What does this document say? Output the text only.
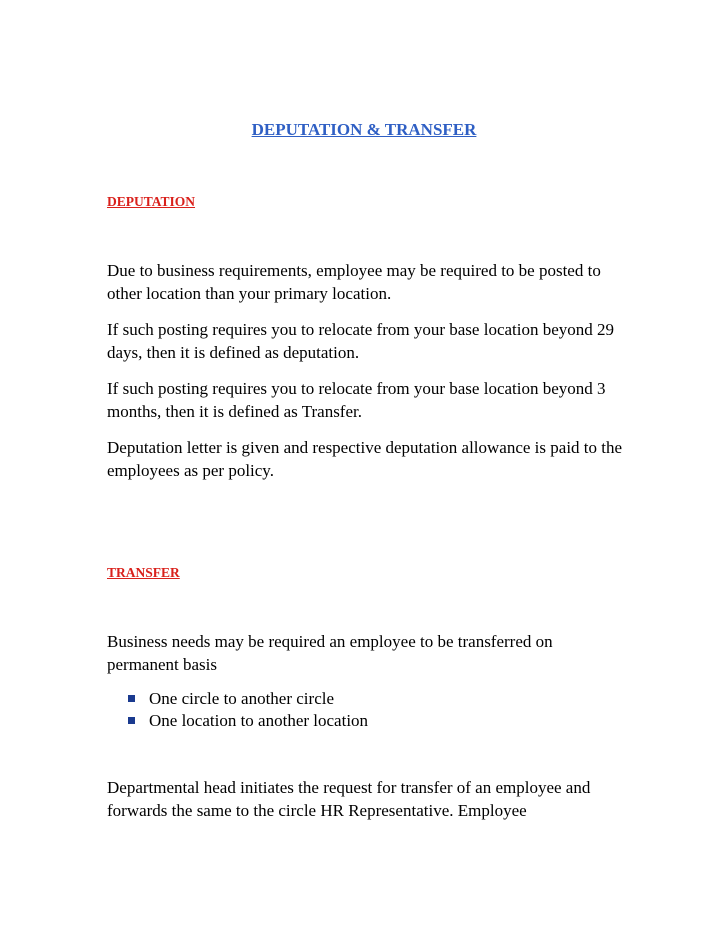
DEPUTATION & TRANSFER
DEPUTATION

Due to business requirements, employee may be required to be posted to other location than your primary location.

If such posting requires you to relocate from your base location beyond 29 days, then it is defined as deputation.

If such posting requires you to relocate from your base location beyond 3 months, then it is defined as Transfer.

Deputation letter is given and respective deputation allowance is paid to the employees as per policy.

TRANSFER

Business needs may be required an employee to be transferred on permanent basis

One circle to another circle
One location to another location

Departmental head initiates the request for transfer of an employee and forwards the same to the circle HR Representative. Employee
